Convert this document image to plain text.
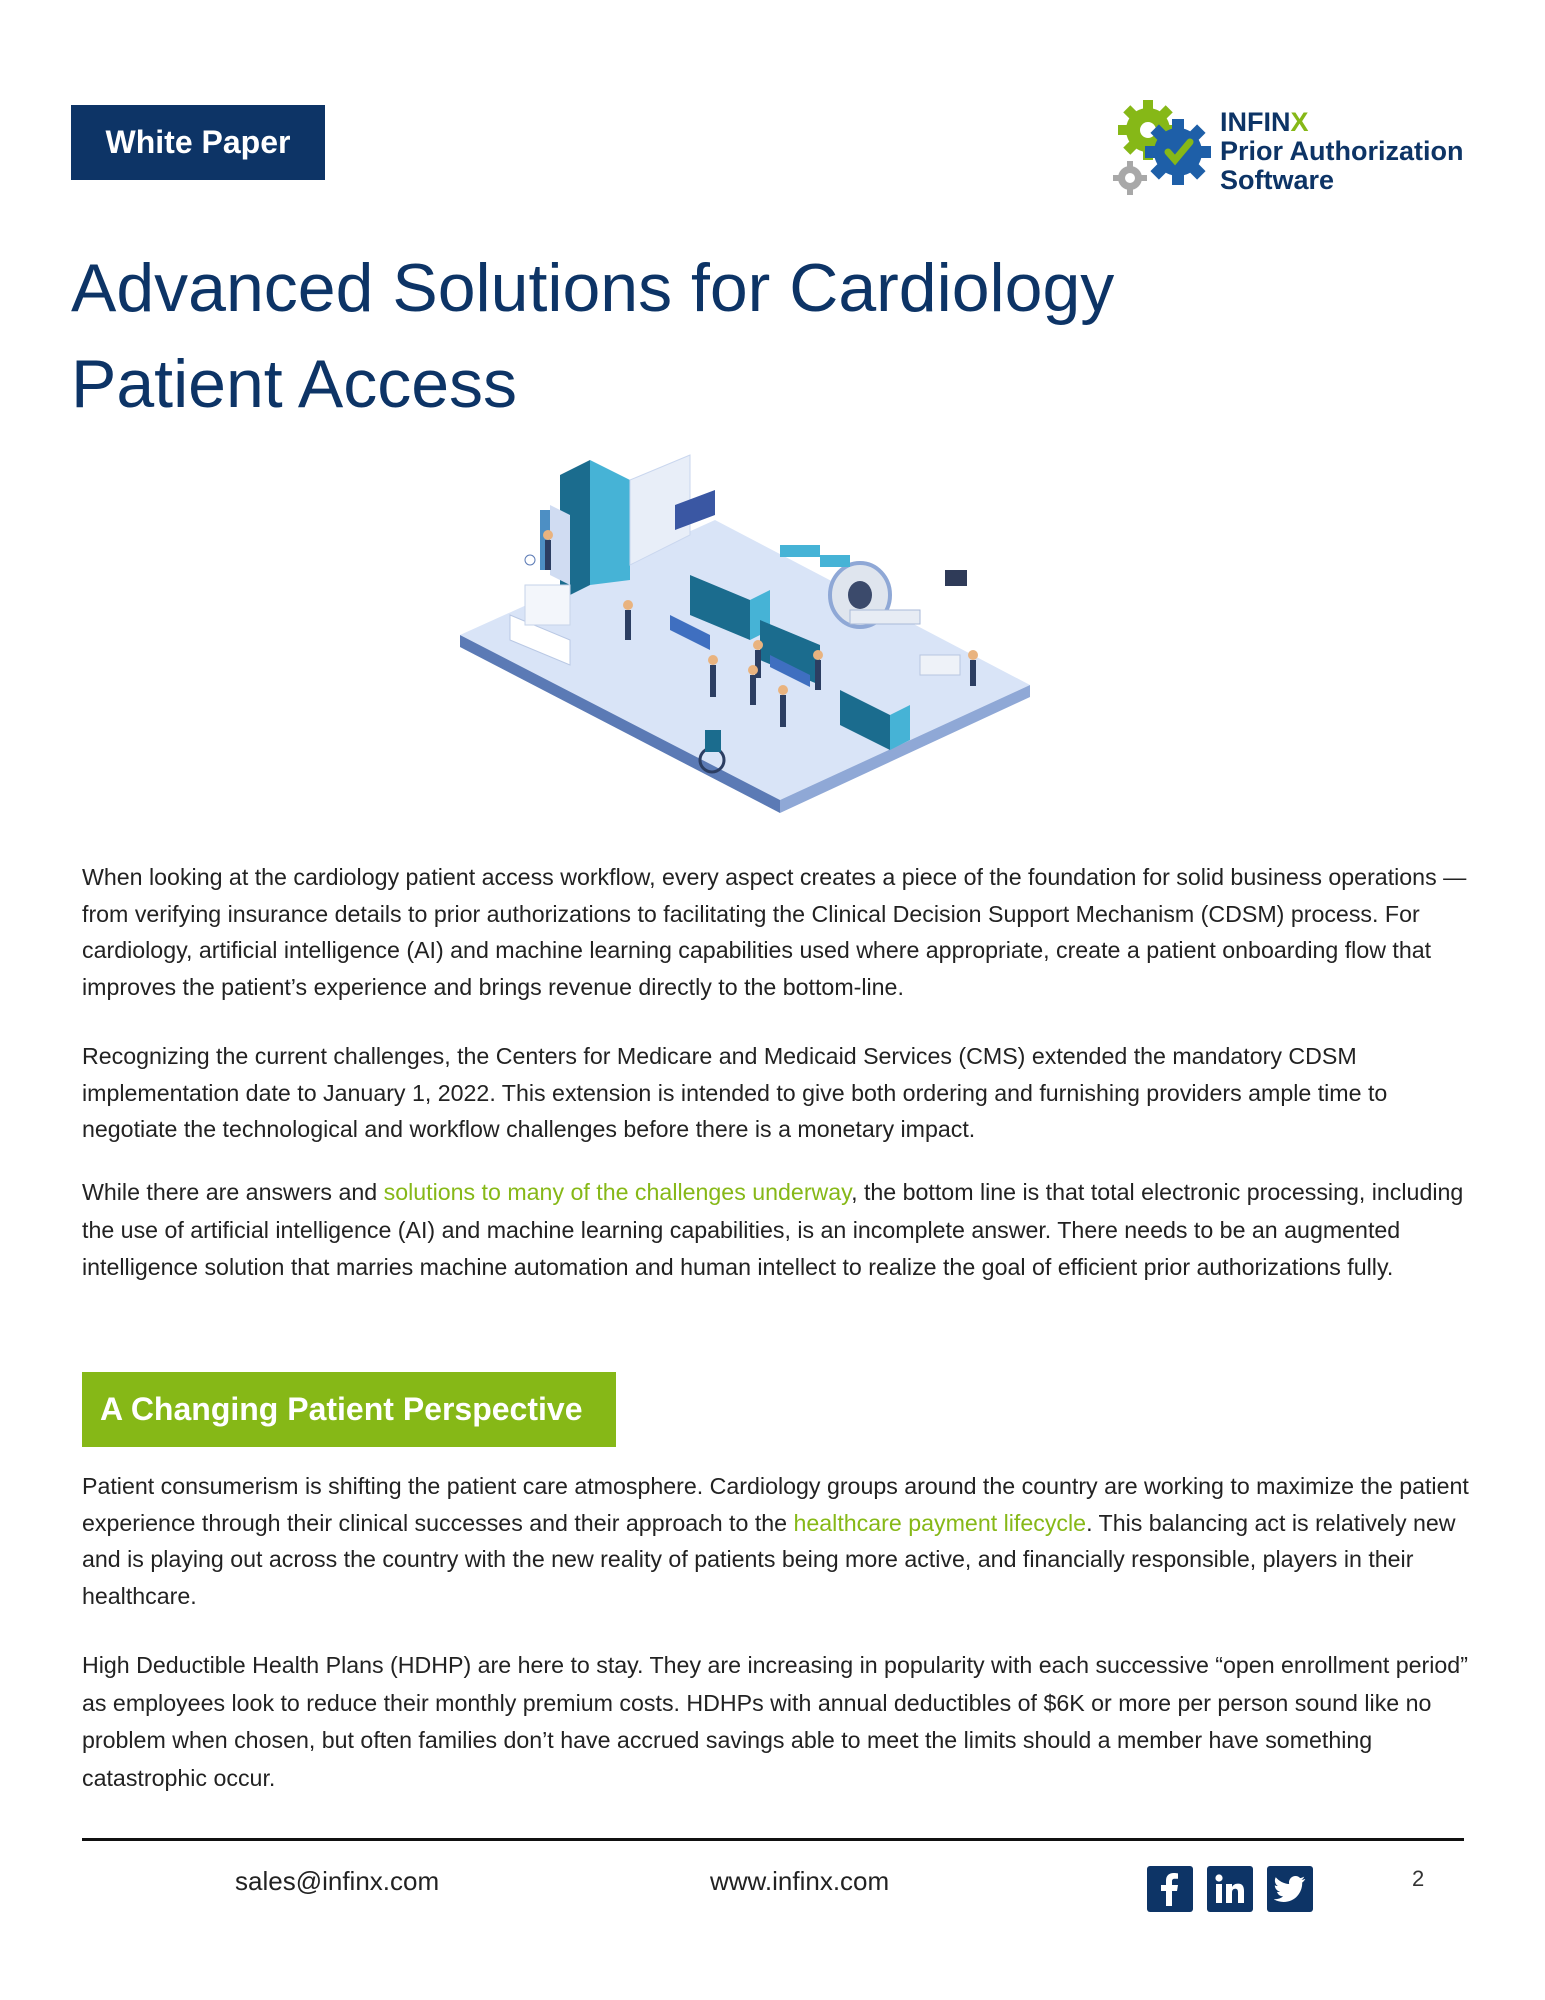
White Paper
INFINX
Prior Authorization
Software
Advanced Solutions for Cardiology
Patient Access

When looking at the cardiology patient access workflow, every aspect creates a piece of the foundation for solid business operations — from verifying insurance details to prior authorizations to facilitating the Clinical Decision Support Mechanism (CDSM) process. For cardiology, artificial intelligence (AI) and machine learning capabilities used where appropriate, create a patient onboarding flow that improves the patient’s experience and brings revenue directly to the bottom-line.

Recognizing the current challenges, the Centers for Medicare and Medicaid Services (CMS) extended the mandatory CDSM implementation date to January 1, 2022. This extension is intended to give both ordering and furnishing providers ample time to negotiate the technological and workflow challenges before there is a monetary impact.

While there are answers and solutions to many of the challenges underway, the bottom line is that total electronic processing, including the use of artificial intelligence (AI) and machine learning capabilities, is an incomplete answer. There needs to be an augmented intelligence solution that marries machine automation and human intellect to realize the goal of efficient prior authorizations fully.

A Changing Patient Perspective

Patient consumerism is shifting the patient care atmosphere. Cardiology groups around the country are working to maximize the patient experience through their clinical successes and their approach to the healthcare payment lifecycle. This balancing act is relatively new and is playing out across the country with the new reality of patients being more active, and financially responsible, players in their healthcare.

High Deductible Health Plans (HDHP) are here to stay. They are increasing in popularity with each successive “open enrollment period” as employees look to reduce their monthly premium costs. HDHPs with annual deductibles of $6K or more per person sound like no problem when chosen, but often families don’t have accrued savings able to meet the limits should a member have something catastrophic occur.

sales@infinx.com	www.infinx.com	2
